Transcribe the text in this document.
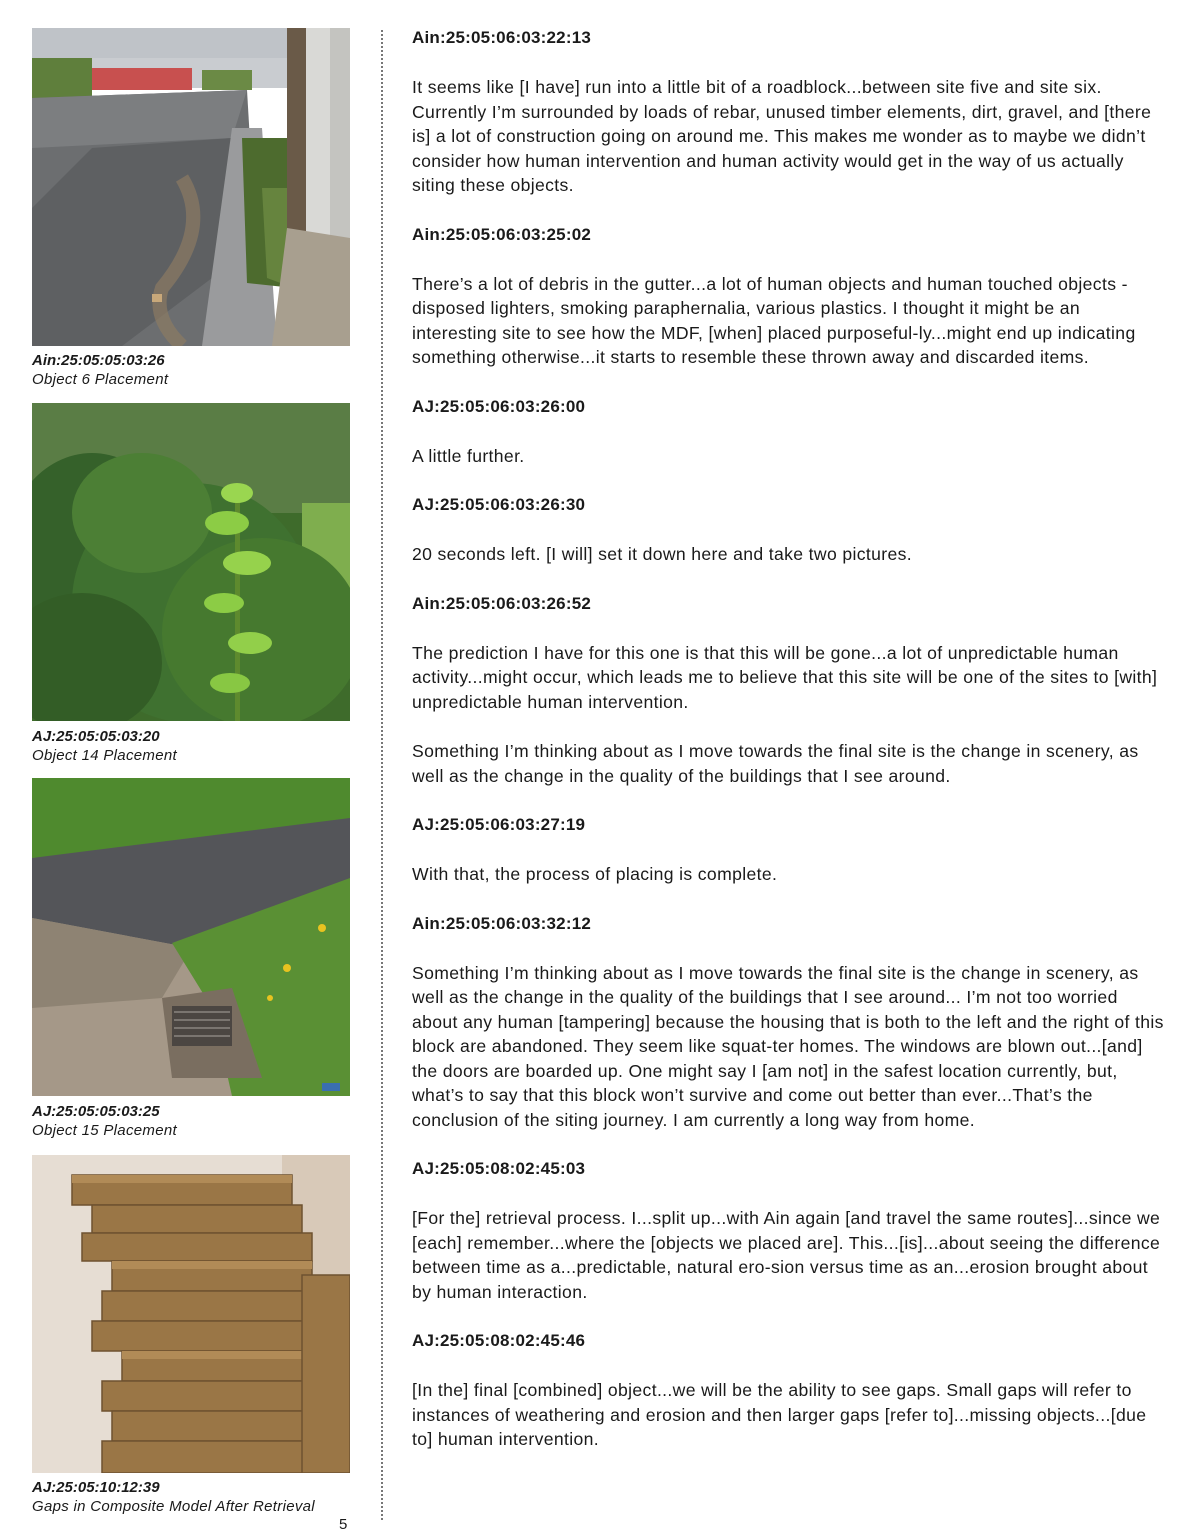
Ain:25:05:05:03:26
Object 6 Placement
AJ:25:05:05:03:20
Object 14 Placement
AJ:25:05:05:03:25
Object 15 Placement
AJ:25:05:10:12:39
Gaps in Composite Model After Retrieval

Ain:25:05:06:03:22:13

It seems like [I have] run into a little bit of a roadblock...between site five and site six. Currently I’m surrounded by loads of rebar, unused timber elements, dirt, gravel, and [there is] a lot of construction going on around me. This makes me wonder as to maybe we didn’t consider how human intervention and human activity would get in the way of us actually siting these objects.

Ain:25:05:06:03:25:02

There’s a lot of debris in the gutter...a lot of human objects and human touched objects - disposed lighters, smoking paraphernalia, various plastics. I thought it might be an interesting site to see how the MDF, [when] placed purposeful-ly...might end up indicating something otherwise...it starts to resemble these thrown away and discarded items.

AJ:25:05:06:03:26:00

A little further.

AJ:25:05:06:03:26:30

20 seconds left. [I will] set it down here and take two pictures.

Ain:25:05:06:03:26:52

The prediction I have for this one is that this will be gone...a lot of unpredictable human activity...might occur, which leads me to believe that this site will be one of the sites to [with] unpredictable human intervention.

Something I’m thinking about as I move towards the final site is the change in scenery, as well as the change in the quality of the buildings that I see around.

AJ:25:05:06:03:27:19

With that, the process of placing is complete.

Ain:25:05:06:03:32:12

Something I’m thinking about as I move towards the final site is the change in scenery, as well as the change in the quality of the buildings that I see around... I’m not too worried about any human [tampering] because the housing that is both to the left and the right of this block are abandoned. They seem like squat-ter homes. The windows are blown out...[and] the doors are boarded up. One might say I [am not] in the safest location currently, but, what’s to say that this block won’t survive and come out better than ever...That’s the conclusion of the siting journey. I am currently a long way from home.

AJ:25:05:08:02:45:03

[For the] retrieval process. I...split up...with Ain again [and travel the same routes]...since we [each] remember...where the [objects we placed are]. This...[is]...about seeing the difference between time as a...predictable, natural ero-sion versus time as an...erosion brought about by human interaction.

AJ:25:05:08:02:45:46

[In the] final [combined] object...we will be the ability to see gaps. Small gaps will refer to instances of weathering and erosion and then larger gaps [refer to]...missing objects...[due to] human intervention.

5
